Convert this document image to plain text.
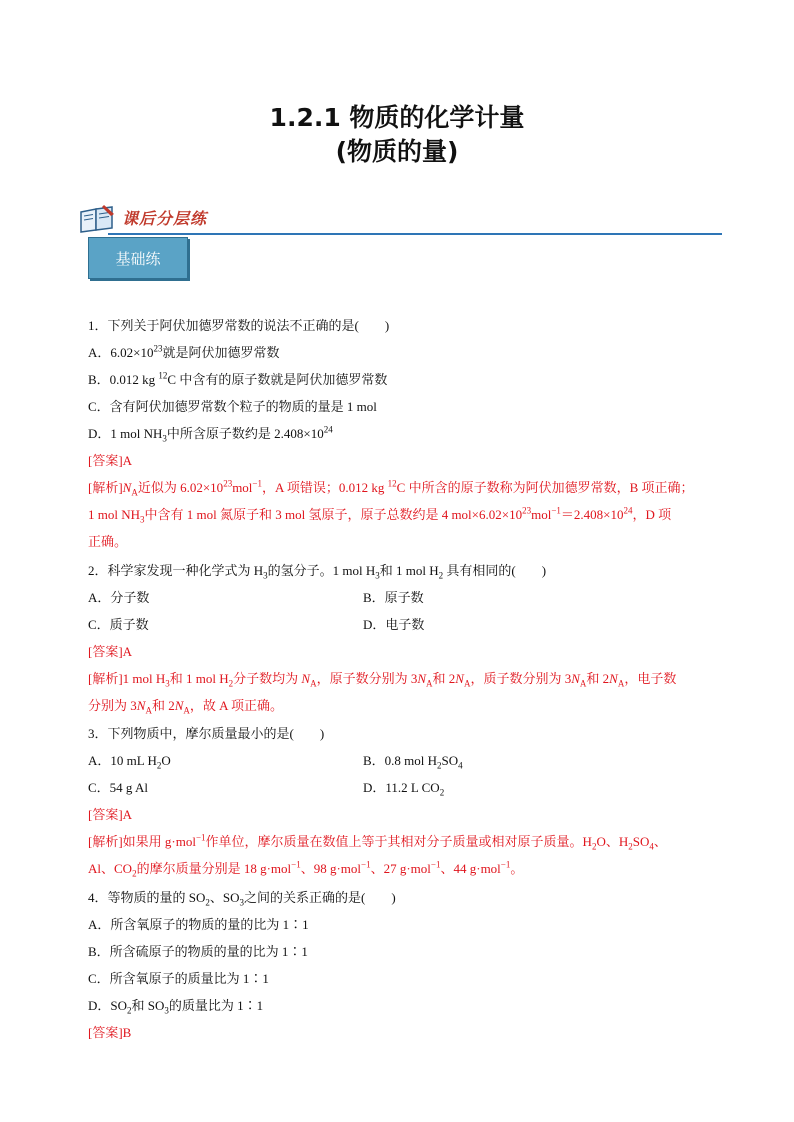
1.2.1 物质的化学计量
(物质的量)
课后分层练
基础练
1．下列关于阿伏加德罗常数的说法不正确的是(　　)
A．$6.02\times 10^{23}$就是阿伏加德罗常数
B．0.012 kg $^{12}$C 中含有的原子数就是阿伏加德罗常数
C．含有阿伏加德罗常数个粒子的物质的量是 1 mol
D．1 mol $NH_3$中所含原子数约是 $2.408\times 10^{24}$
[答案]A
[解析]$N_A$近似为 $6.02\times 10^{23}mol^{-1}$，A 项错误；0.012 kg $^{12}$C 中所含的原子数称为阿伏加德罗常数，B 项正确；
1 mol $NH_3$中含有 1 mol 氮原子和 3 mol 氢原子，原子总数约是 4 $mol\times 6.02\times 10^{23}mol^{-1}=2.408\times 10^{24}$，D 项
正确。
2．科学家发现一种化学式为 $H_3$的氢分子。1 mol $H_3$和 1 mol $H_2$ 具有相同的(　　)
A．分子数	B．原子数
C．质子数	D．电子数
[答案]A
[解析]1 mol $H_3$和 1 mol $H_2$分子数均为 $N_A$，原子数分别为 $3N_A$和 $2N_A$，质子数分别为 $3N_A$和 $2N_A$，电子数
分别为 $3N_A$和 $2N_A$，故 A 项正确。
3．下列物质中，摩尔质量最小的是(　　)
A．10 mL $H_2O$	B．0.8 mol $H_2SO_4$
C．54 g Al	D．11.2 L $CO_2$
[答案]A
[解析]如果用 g·mol$^{-1}$作单位，摩尔质量在数值上等于其相对分子质量或相对原子质量。$H_2O$、$H_2SO_4$、
Al、$CO_2$的摩尔质量分别是 18 g·mol$^{-1}$、98 g·mol$^{-1}$、27 g·mol$^{-1}$、44 g·mol$^{-1}$。
4．等物质的量的 $SO_2$、$SO_3$之间的关系正确的是(　　)
A．所含氧原子的物质的量的比为 1∶1
B．所含硫原子的物质的量的比为 1∶1
C．所含氧原子的质量比为 1∶1
D．$SO_2$和 $SO_3$的质量比为 1∶1
[答案]B
